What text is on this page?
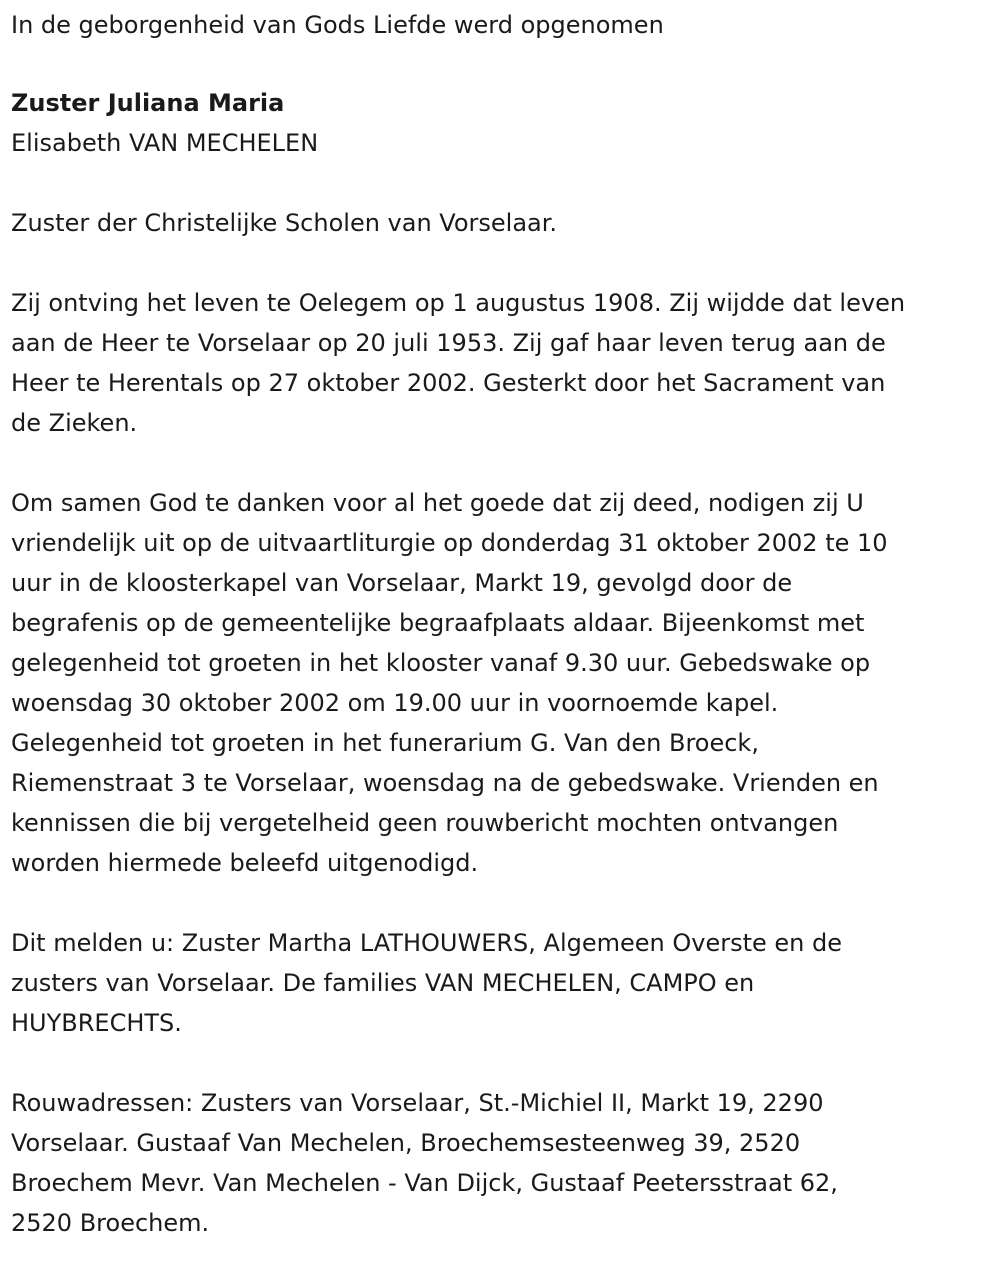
In de geborgenheid van Gods Liefde werd opgenomen

Zuster Juliana Maria

Elisabeth VAN MECHELEN

Zuster der Christelijke Scholen van Vorselaar.

Zij ontving het leven te Oelegem op 1 augustus 1908. Zij wijdde dat leven

aan de Heer te Vorselaar op 20 juli 1953. Zij gaf haar leven terug aan de

Heer te Herentals op 27 oktober 2002. Gesterkt door het Sacrament van

de Zieken.

Om samen God te danken voor al het goede dat zij deed, nodigen zij U

vriendelijk uit op de uitvaartliturgie op donderdag 31 oktober 2002 te 10

uur in de kloosterkapel van Vorselaar, Markt 19, gevolgd door de

begrafenis op de gemeentelijke begraafplaats aldaar. Bijeenkomst met

gelegenheid tot groeten in het klooster vanaf 9.30 uur. Gebedswake op

woensdag 30 oktober 2002 om 19.00 uur in voornoemde kapel.

Gelegenheid tot groeten in het funerarium G. Van den Broeck,

Riemenstraat 3 te Vorselaar, woensdag na de gebedswake. Vrienden en

kennissen die bij vergetelheid geen rouwbericht mochten ontvangen

worden hiermede beleefd uitgenodigd.

Dit melden u: Zuster Martha LATHOUWERS, Algemeen Overste en de

zusters van Vorselaar. De families VAN MECHELEN, CAMPO en

HUYBRECHTS.

Rouwadressen: Zusters van Vorselaar, St.-Michiel II, Markt 19, 2290

Vorselaar. Gustaaf Van Mechelen, Broechemsesteenweg 39, 2520

Broechem Mevr. Van Mechelen - Van Dijck, Gustaaf Peetersstraat 62,

2520 Broechem.
